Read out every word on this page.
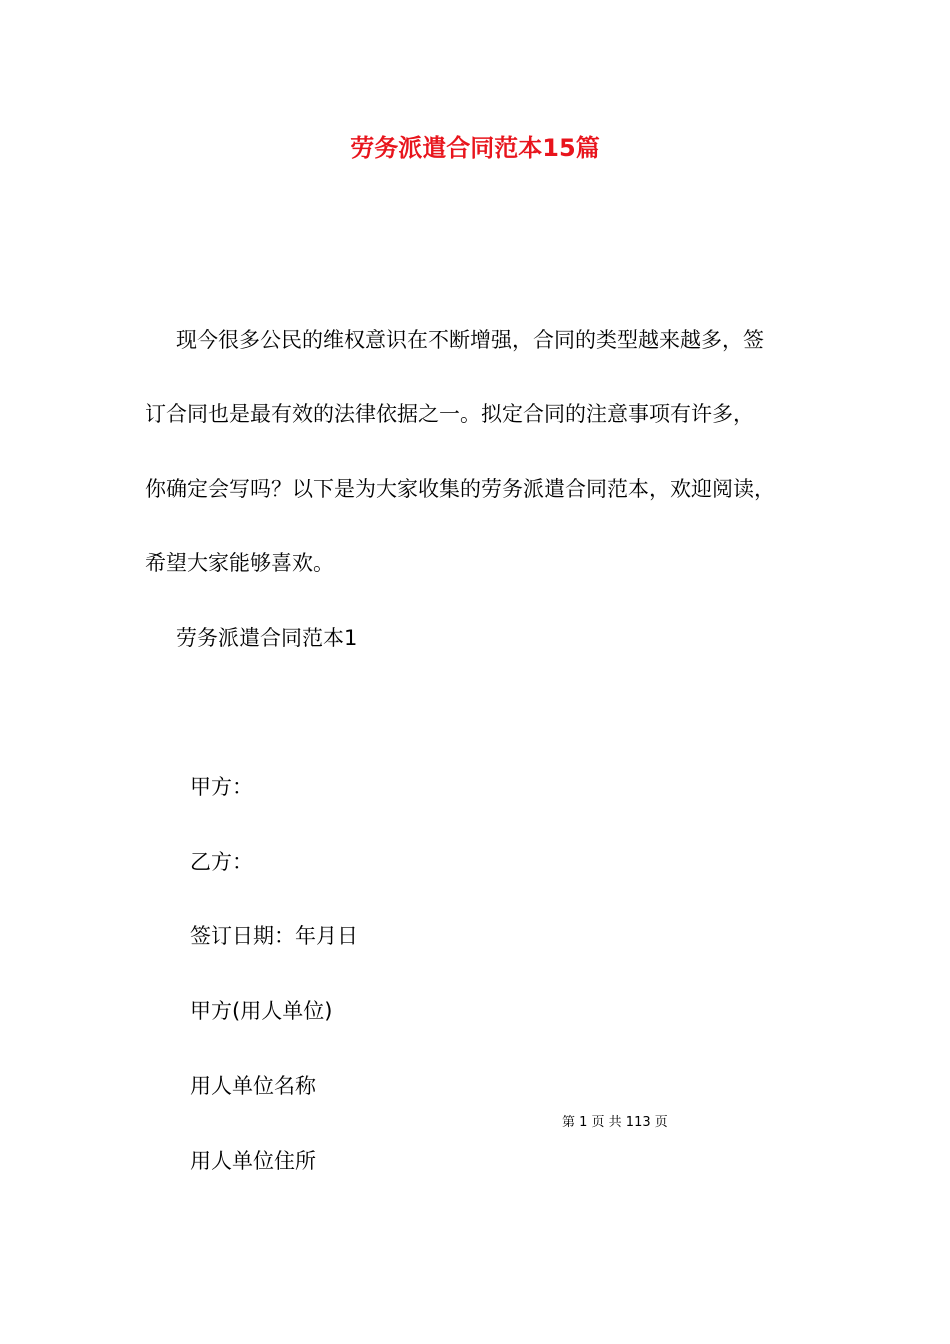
劳务派遣合同范本15篇

现今很多公民的维权意识在不断增强，合同的类型越来越多，签

订合同也是最有效的法律依据之一。拟定合同的注意事项有许多，

你确定会写吗？以下是为大家收集的劳务派遣合同范本，欢迎阅读，

希望大家能够喜欢。

劳务派遣合同范本1

甲方：

乙方：

签订日期：年月日

甲方(用人单位)

用人单位名称

用人单位住所

第 1 页 共 113 页
